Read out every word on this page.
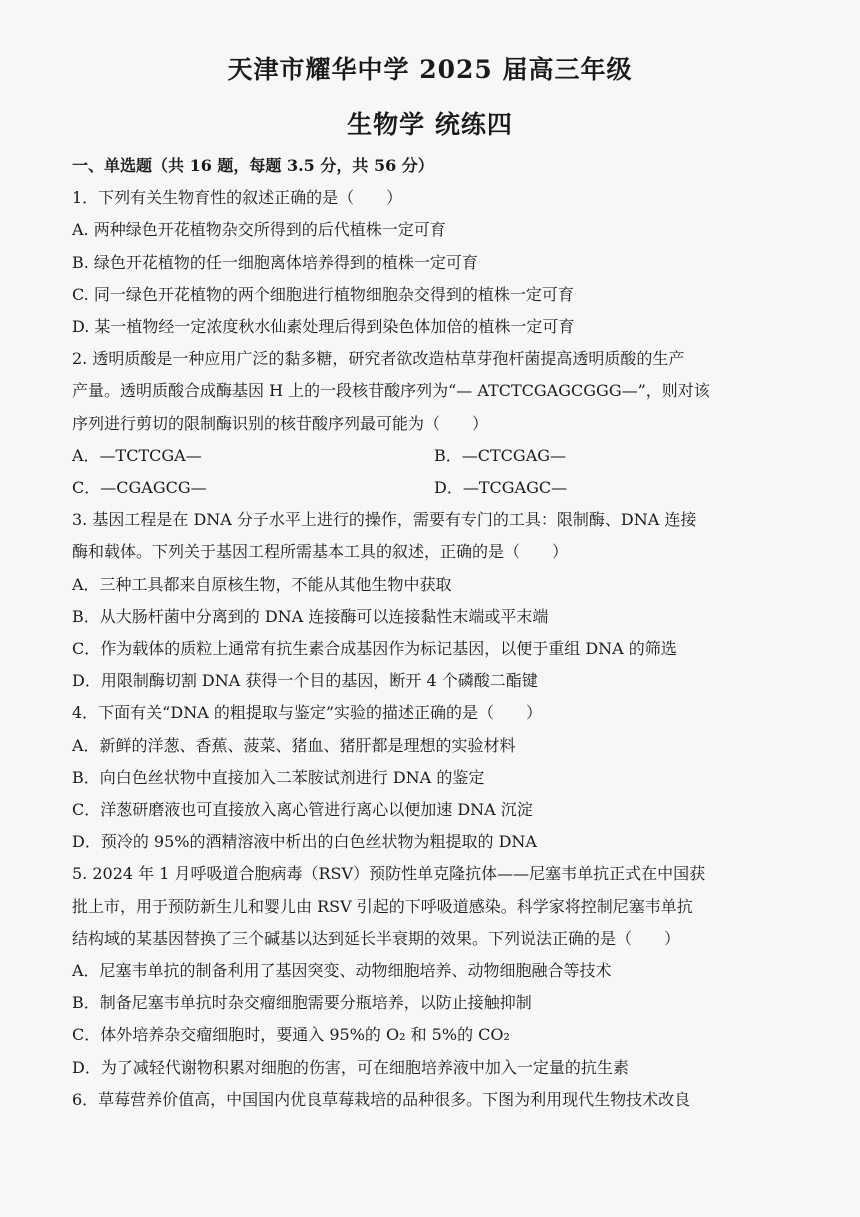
天津市耀华中学 2025 届高三年级
生物学 统练四
一、单选题（共 16 题，每题 3.5 分，共 56 分）
1．下列有关生物育性的叙述正确的是（　　）
A. 两种绿色开花植物杂交所得到的后代植株一定可育
B. 绿色开花植物的任一细胞离体培养得到的植株一定可育
C. 同一绿色开花植物的两个细胞进行植物细胞杂交得到的植株一定可育
D. 某一植物经一定浓度秋水仙素处理后得到染色体加倍的植株一定可育
2. 透明质酸是一种应用广泛的黏多糖，研究者欲改造枯草芽孢杆菌提高透明质酸的生产
产量。透明质酸合成酶基因 H 上的一段核苷酸序列为“— ATCTCGAGCGGG—”，则对该
序列进行剪切的限制酶识别的核苷酸序列最可能为（　　）
A．—TCTCGA—	B．—CTCGAG—
C．—CGAGCG—	D．—TCGAGC—
3. 基因工程是在 DNA 分子水平上进行的操作，需要有专门的工具：限制酶、DNA 连接
酶和载体。下列关于基因工程所需基本工具的叙述，正确的是（　　）
A．三种工具都来自原核生物，不能从其他生物中获取
B．从大肠杆菌中分离到的 DNA 连接酶可以连接黏性末端或平末端
C．作为载体的质粒上通常有抗生素合成基因作为标记基因，以便于重组 DNA 的筛选
D．用限制酶切割 DNA 获得一个目的基因，断开 4 个磷酸二酯键
4．下面有关“DNA 的粗提取与鉴定”实验的描述正确的是（　　）
A．新鲜的洋葱、香蕉、菠菜、猪血、猪肝都是理想的实验材料
B．向白色丝状物中直接加入二苯胺试剂进行 DNA 的鉴定
C．洋葱研磨液也可直接放入离心管进行离心以便加速 DNA 沉淀
D．预冷的 95%的酒精溶液中析出的白色丝状物为粗提取的 DNA
5. 2024 年 1 月呼吸道合胞病毒（RSV）预防性单克隆抗体——尼塞韦单抗正式在中国获
批上市，用于预防新生儿和婴儿由 RSV 引起的下呼吸道感染。科学家将控制尼塞韦单抗
结构域的某基因替换了三个碱基以达到延长半衰期的效果。下列说法正确的是（　　）
A．尼塞韦单抗的制备利用了基因突变、动物细胞培养、动物细胞融合等技术
B．制备尼塞韦单抗时杂交瘤细胞需要分瓶培养，以防止接触抑制
C．体外培养杂交瘤细胞时，要通入 95%的 O₂ 和 5%的 CO₂
D．为了减轻代谢物积累对细胞的伤害，可在细胞培养液中加入一定量的抗生素
6．草莓营养价值高，中国国内优良草莓栽培的品种很多。下图为利用现代生物技术改良
